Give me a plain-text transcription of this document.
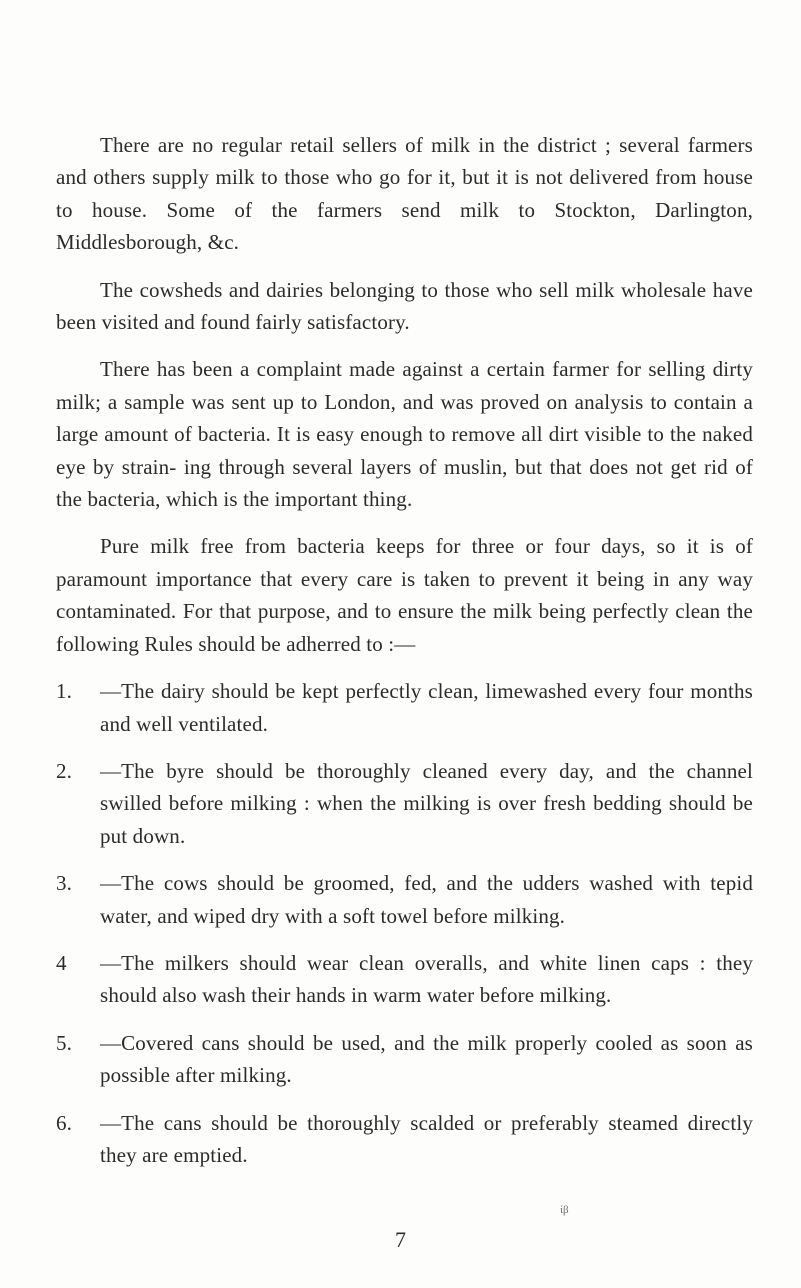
There are no regular retail sellers of milk in the district ; several farmers and others supply milk to those who go for it, but it is not delivered from house to house. Some of the farmers send milk to Stockton, Darlington, Middlesborough, &c.

The cowsheds and dairies belonging to those who sell milk wholesale have been visited and found fairly satisfactory.

There has been a complaint made against a certain farmer for selling dirty milk; a sample was sent up to London, and was proved on analysis to contain a large amount of bacteria. It is easy enough to remove all dirt visible to the naked eye by strain- ing through several layers of muslin, but that does not get rid of the bacteria, which is the important thing.

Pure milk free from bacteria keeps for three or four days, so it is of paramount importance that every care is taken to prevent it being in any way contaminated. For that purpose, and to ensure the milk being perfectly clean the following Rules should be adherred to :—

1. —The dairy should be kept perfectly clean, limewashed every four months and well ventilated.
2. —The byre should be thoroughly cleaned every day, and the channel swilled before milking : when the milking is over fresh bedding should be put down.
3. —The cows should be groomed, fed, and the udders washed with tepid water, and wiped dry with a soft towel before milking.
4 —The milkers should wear clean overalls, and white linen caps : they should also wash their hands in warm water before milking.
5. —Covered cans should be used, and the milk properly cooled as soon as possible after milking.
6. —The cans should be thoroughly scalded or preferably steamed directly they are emptied.
ίβ
7
